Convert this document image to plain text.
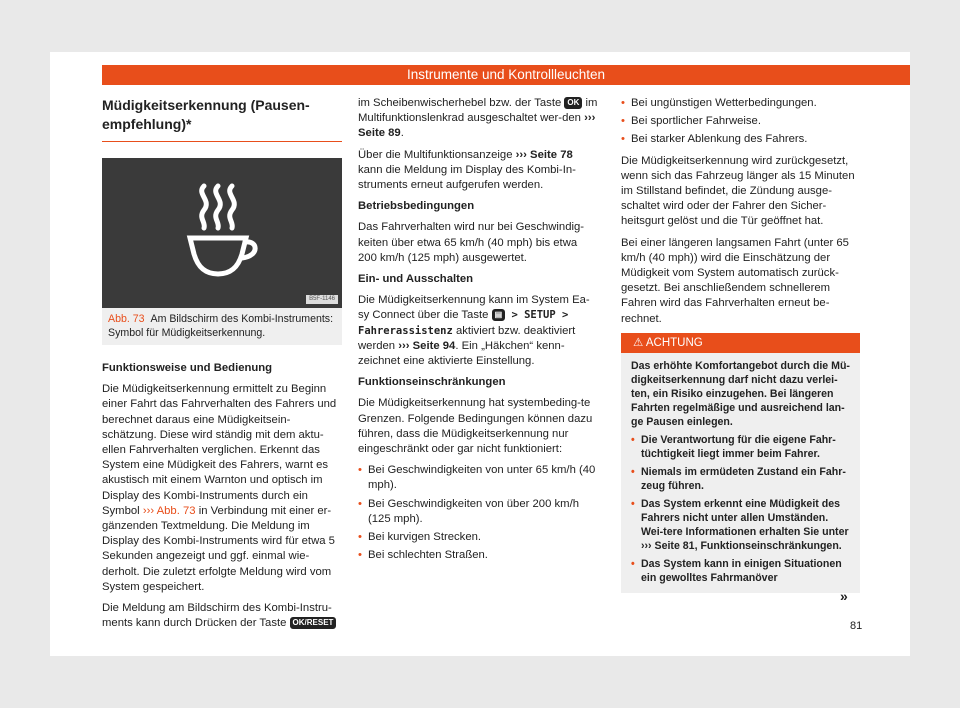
Instrumente und Kontrollleuchten
Müdigkeitserkennung (Pausen-empfehlung)*
B5F-1146
Abb. 73 Am Bildschirm des Kombi-Instruments: Symbol für Müdigkeitserkennung.

Funktionsweise und Bedienung

Die Müdigkeitserkennung ermittelt zu Beginn einer Fahrt das Fahrverhalten des Fahrers und berechnet daraus eine Müdigkeitsein-schätzung. Diese wird ständig mit dem aktu-ellen Fahrverhalten verglichen. Erkennt das System eine Müdigkeit des Fahrers, warnt es akustisch mit einem Warnton und optisch im Display des Kombi-Instruments durch ein Symbol ››› Abb. 73 in Verbindung mit einer er-gänzenden Textmeldung. Die Meldung im Display des Kombi-Instruments wird für etwa 5 Sekunden angezeigt und ggf. einmal wie-derholt. Die zuletzt erfolgte Meldung wird vom System gespeichert.

Die Meldung am Bildschirm des Kombi-Instru-ments kann durch Drücken der Taste OK/RESET

im Scheibenwischerhebel bzw. der Taste OK im Multifunktionslenkrad ausgeschaltet wer-den ››› Seite 89.

Über die Multifunktionsanzeige ››› Seite 78 kann die Meldung im Display des Kombi-In-struments erneut aufgerufen werden.

Betriebsbedingungen

Das Fahrverhalten wird nur bei Geschwindig-keiten über etwa 65 km/h (40 mph) bis etwa 200 km/h (125 mph) ausgewertet.

Ein- und Ausschalten

Die Müdigkeitserkennung kann im System Ea-sy Connect über die Taste ▤ > SETUP > Fahrerassistenz aktiviert bzw. deaktiviert werden ››› Seite 94. Ein „Häkchen“ kenn-zeichnet eine aktivierte Einstellung.

Funktionseinschränkungen

Die Müdigkeitserkennung hat systembeding-te Grenzen. Folgende Bedingungen können dazu führen, dass die Müdigkeitserkennung nur eingeschränkt oder gar nicht funktioniert:

• Bei Geschwindigkeiten von unter 65 km/h (40 mph).
• Bei Geschwindigkeiten von über 200 km/h (125 mph).
• Bei kurvigen Strecken.
• Bei schlechten Straßen.
• Bei ungünstigen Wetterbedingungen.
• Bei sportlicher Fahrweise.
• Bei starker Ablenkung des Fahrers.

Die Müdigkeitserkennung wird zurückgesetzt, wenn sich das Fahrzeug länger als 15 Minuten im Stillstand befindet, die Zündung ausge-schaltet wird oder der Fahrer den Sicher-heitsgurt gelöst und die Tür geöffnet hat.

Bei einer längeren langsamen Fahrt (unter 65 km/h (40 mph)) wird die Einschätzung der Müdigkeit vom System automatisch zurück-gesetzt. Bei anschließendem schnellerem Fahren wird das Fahrverhalten erneut be-rechnet.

⚠ ACHTUNG

Das erhöhte Komfortangebot durch die Mü-digkeitserkennung darf nicht dazu verlei-ten, ein Risiko einzugehen. Bei längeren Fahrten regelmäßige und ausreichend lan-ge Pausen einlegen.

• Die Verantwortung für die eigene Fahr-tüchtigkeit liegt immer beim Fahrer.
• Niemals im ermüdeten Zustand ein Fahr-zeug führen.
• Das System erkennt eine Müdigkeit des Fahrers nicht unter allen Umständen. Wei-tere Informationen erhalten Sie unter ››› Seite 81, Funktionseinschränkungen.
• Das System kann in einigen Situationen ein gewolltes Fahrmanöver
»
81
